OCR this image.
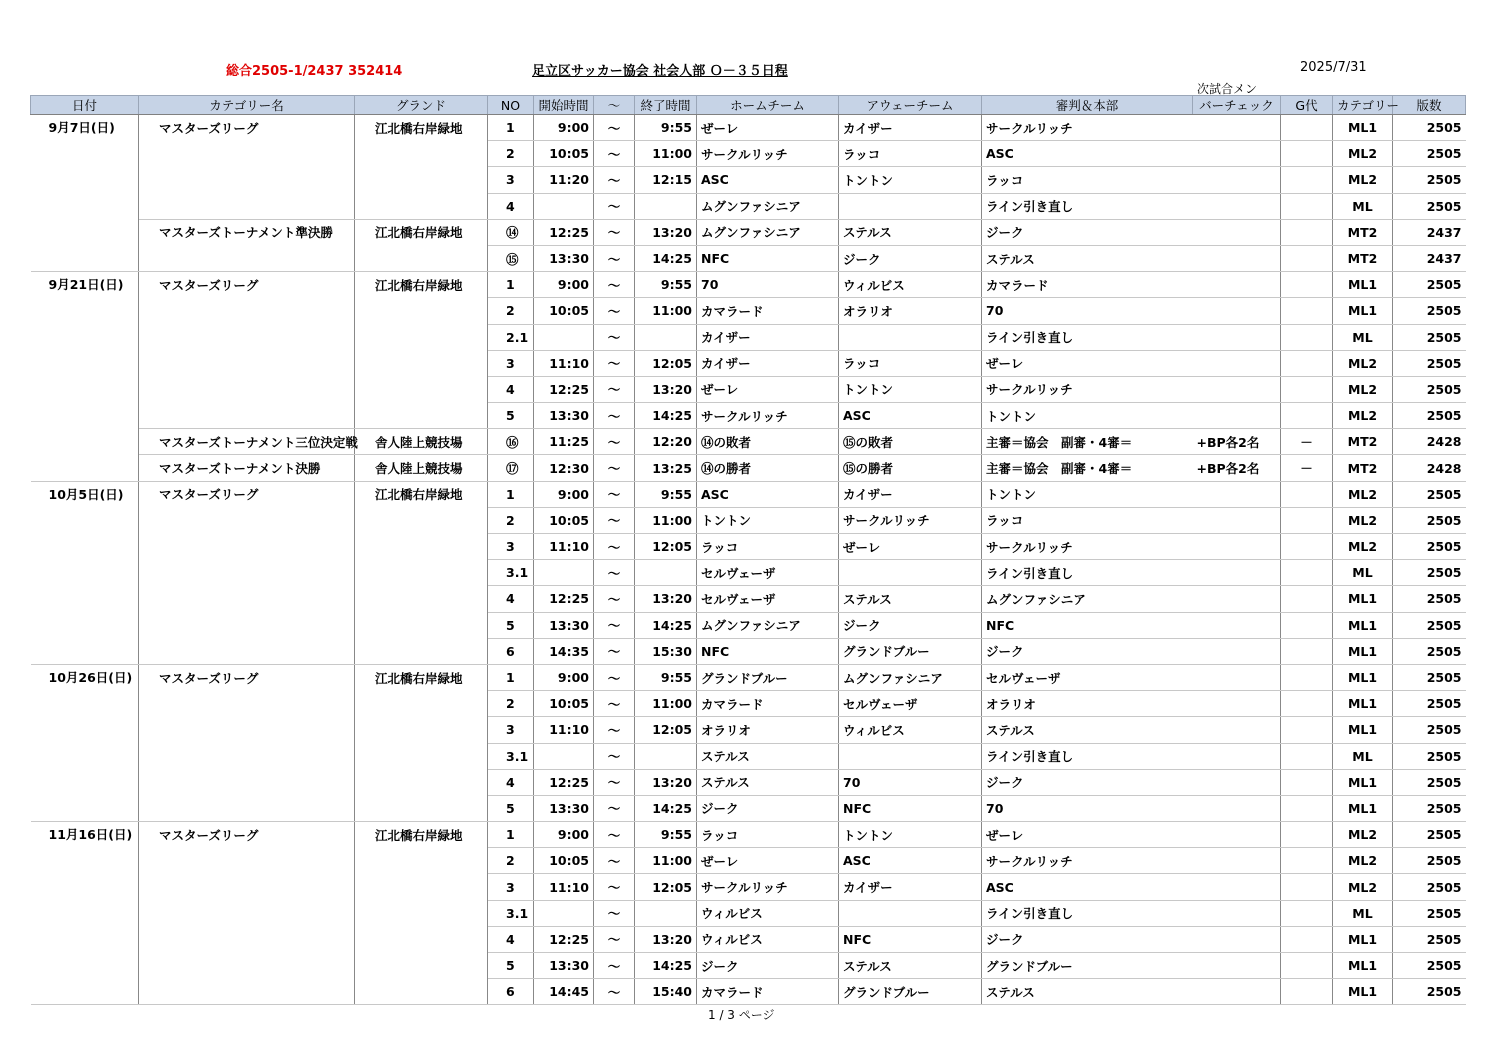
総合2505-1/2437 352414	足立区サッカー協会 社会人部 Ｏ－３５日程	2025/7/31
次試合メン
日付	カテゴリー名	グランド	NO	開始時間	～	終了時間	ホームチーム	アウェーチーム	審判＆本部	バーチェック	G代	カテゴリー	版数
9月7日(日)	マスターズリーグ	江北橋右岸緑地	1	9:00	～	9:55	ぜーレ	カイザー	サークルリッチ			ML1	2505
			2	10:05	～	11:00	サークルリッチ	ラッコ	ASC			ML2	2505
			3	11:20	～	12:15	ASC	トントン	ラッコ			ML2	2505
			4		～		ムグンファシニア		ライン引き直し			ML	2505
	マスターズトーナメント準決勝	江北橋右岸緑地	⑭	12:25	～	13:20	ムグンファシニア	ステルス	ジーク			MT2	2437
			⑮	13:30	～	14:25	NFC	ジーク	ステルス			MT2	2437
9月21日(日)	マスターズリーグ	江北橋右岸緑地	1	9:00	～	9:55	70	ウィルビス	カマラード			ML1	2505
			2	10:05	～	11:00	カマラード	オラリオ	70			ML1	2505
			2.1		～		カイザー		ライン引き直し			ML	2505
			3	11:10	～	12:05	カイザー	ラッコ	ぜーレ			ML2	2505
			4	12:25	～	13:20	ぜーレ	トントン	サークルリッチ			ML2	2505
			5	13:30	～	14:25	サークルリッチ	ASC	トントン			ML2	2505
	マスターズトーナメント三位決定戦	舎人陸上競技場	⑯	11:25	～	12:20	⑭の敗者	⑮の敗者	主審＝協会　副審・4審＝	+BP各2名	－	MT2	2428
	マスターズトーナメント決勝	舎人陸上競技場	⑰	12:30	～	13:25	⑭の勝者	⑮の勝者	主審＝協会　副審・4審＝	+BP各2名	－	MT2	2428
10月5日(日)	マスターズリーグ	江北橋右岸緑地	1	9:00	～	9:55	ASC	カイザー	トントン			ML2	2505
			2	10:05	～	11:00	トントン	サークルリッチ	ラッコ			ML2	2505
			3	11:10	～	12:05	ラッコ	ぜーレ	サークルリッチ			ML2	2505
			3.1		～		セルヴェーザ		ライン引き直し			ML	2505
			4	12:25	～	13:20	セルヴェーザ	ステルス	ムグンファシニア			ML1	2505
			5	13:30	～	14:25	ムグンファシニア	ジーク	NFC			ML1	2505
			6	14:35	～	15:30	NFC	グランドブルー	ジーク			ML1	2505
10月26日(日)	マスターズリーグ	江北橋右岸緑地	1	9:00	～	9:55	グランドブルー	ムグンファシニア	セルヴェーザ			ML1	2505
			2	10:05	～	11:00	カマラード	セルヴェーザ	オラリオ			ML1	2505
			3	11:10	～	12:05	オラリオ	ウィルビス	ステルス			ML1	2505
			3.1		～		ステルス		ライン引き直し			ML	2505
			4	12:25	～	13:20	ステルス	70	ジーク			ML1	2505
			5	13:30	～	14:25	ジーク	NFC	70			ML1	2505
11月16日(日)	マスターズリーグ	江北橋右岸緑地	1	9:00	～	9:55	ラッコ	トントン	ぜーレ			ML2	2505
			2	10:05	～	11:00	ぜーレ	ASC	サークルリッチ			ML2	2505
			3	11:10	～	12:05	サークルリッチ	カイザー	ASC			ML2	2505
			3.1		～		ウィルビス		ライン引き直し			ML	2505
			4	12:25	～	13:20	ウィルビス	NFC	ジーク			ML1	2505
			5	13:30	～	14:25	ジーク	ステルス	グランドブルー			ML1	2505
			6	14:45	～	15:40	カマラード	グランドブルー	ステルス			ML1	2505
1 / 3 ページ
